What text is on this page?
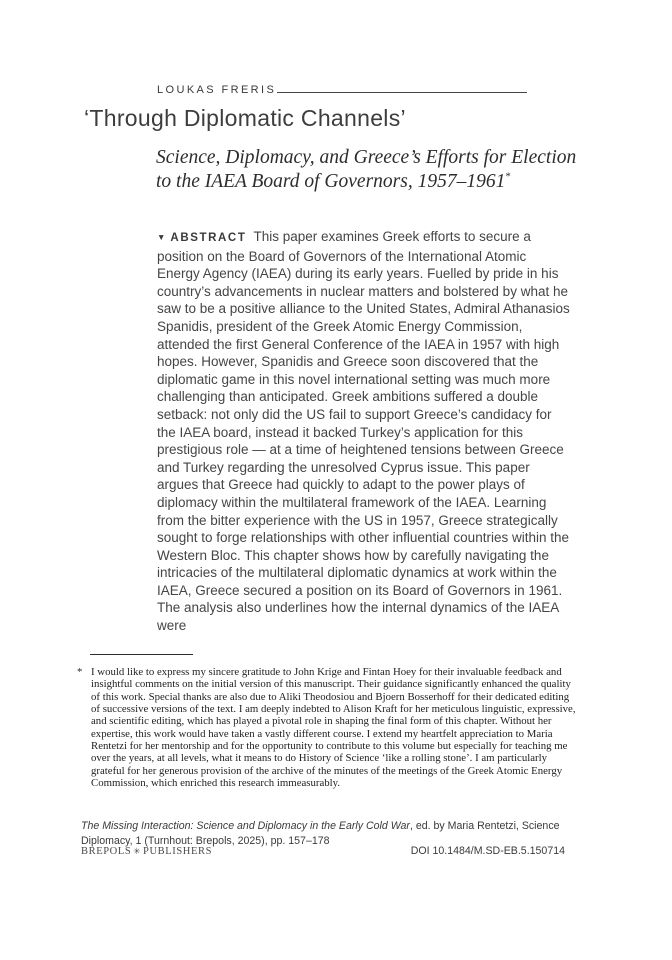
LOUKAS FRERIS
‘Through Diplomatic Channels’
Science, Diplomacy, and Greece’s Efforts for Election
to the IAEA Board of Governors, 1957–1961*

▼ ABSTRACT This paper examines Greek efforts to secure a position on the Board of Governors of the International Atomic Energy Agency (IAEA) during its early years. Fuelled by pride in his country’s advancements in nuclear matters and bolstered by what he saw to be a positive alliance to the United States, Admiral Athanasios Spanidis, president of the Greek Atomic Energy Commission, attended the first General Conference of the IAEA in 1957 with high hopes. However, Spanidis and Greece soon discovered that the diplomatic game in this novel international setting was much more challenging than anticipated. Greek ambitions suffered a double setback: not only did the US fail to support Greece’s candidacy for the IAEA board, instead it backed Turkey’s application for this prestigious role — at a time of heightened tensions between Greece and Turkey regarding the unresolved Cyprus issue. This paper argues that Greece had quickly to adapt to the power plays of diplomacy within the multilateral framework of the IAEA. Learning from the bitter experience with the US in 1957, Greece strategically sought to forge relationships with other influential countries within the Western Bloc. This chapter shows how by carefully navigating the intricacies of the multilateral diplomatic dynamics at work within the IAEA, Greece secured a position on its Board of Governors in 1961. The analysis also underlines how the internal dynamics of the IAEA were

* I would like to express my sincere gratitude to John Krige and Fintan Hoey for their invaluable feedback and insightful comments on the initial version of this manuscript. Their guidance significantly enhanced the quality of this work. Special thanks are also due to Aliki Theodosiou and Bjoern Bosserhoff for their dedicated editing of successive versions of the text. I am deeply indebted to Alison Kraft for her meticulous linguistic, expressive, and scientific editing, which has played a pivotal role in shaping the final form of this chapter. Without her expertise, this work would have taken a vastly different course. I extend my heartfelt appreciation to Maria Rentetzi for her mentorship and for the opportunity to contribute to this volume but especially for teaching me over the years, at all levels, what it means to do History of Science ‘like a rolling stone’. I am particularly grateful for her generous provision of the archive of the minutes of the meetings of the Greek Atomic Energy Commission, which enriched this research immeasurably.

The Missing Interaction: Science and Diplomacy in the Early Cold War, ed. by Maria Rentetzi, Science Diplomacy, 1 (Turnhout: Brepols, 2025), pp. 157–178

BREPOLS ✳ PUBLISHERS	DOI 10.1484/M.SD-EB.5.150714
